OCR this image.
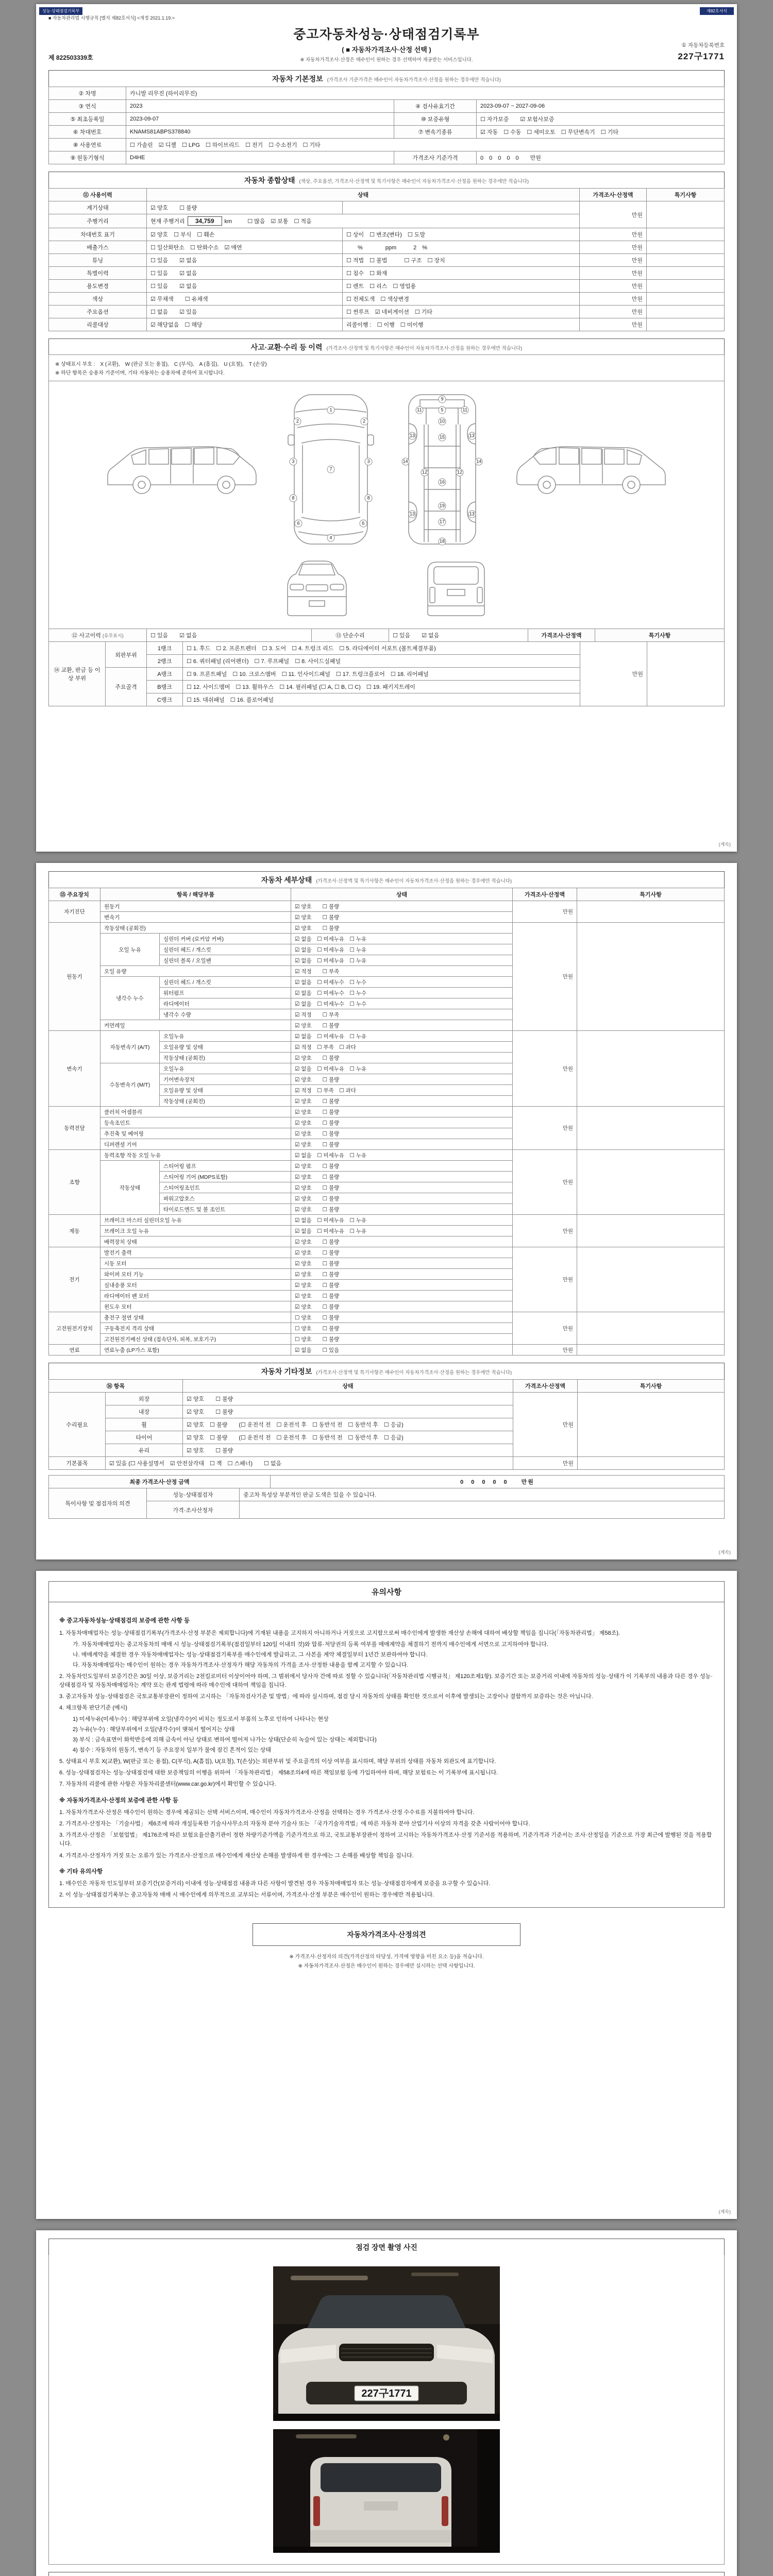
성능·상태점검기록부	제82호서식
■ 자동차관리법 시행규칙 [별지 제82호서식] <개정 2021.1.19.>
제 822503339호
중고자동차성능·상태점검기록부
( ■ 자동차가격조사·산정 선택 )
※ 자동차가격조사·산정은 매수인이 원하는 경우 선택하여 제공받는 서비스입니다.
① 자동차등록번호
227구1771
자동차 기본정보 (가격조사 기준가격은 매수인이 자동차가격조사·산정을 원하는 경우에만 적습니다)
② 차명	카니발 리무진 (하이리무진)		
③ 연식	2023	④ 검사유효기간	2023-09-07 ~ 2027-09-06
⑤ 최초등록일	2023-09-07	⑩ 보증유형	☐ 자가보증　　☑ 보험사보증
⑥ 차대번호	KNAMS81ABPS378840	⑦ 변속기종류	☑ 자동　☐ 수동　☐ 세미오토　☐ 무단변속기　☐ 기타
⑧ 사용연료	☐ 가솔린　☑ 디젤　☐ LPG　☐ 하이브리드　☐ 전기　☐ 수소전기　☐ 기타		
⑨ 원동기형식	D4HE	가격조사 기준가격	0　0　0　0　0　　만원
자동차 종합상태 (색상, 주요옵션, 가격조사·산정액 및 특기사항은 매수인이 자동차가격조사·산정을 원하는 경우에만 적습니다)
⑪ 사용이력	상태		가격조사·산정액	특기사항
계기상태	☑ 양호　　☐ 불량		만원	
주행거리	현재 주행거리 34,759 km ☐ 많음　☑ 보통　☐ 적음			
차대번호 표기	☑ 양호　☐ 부식　☐ 훼손	☐ 상이　☐ 변조(변타)　☐ 도말	만원	
배출가스	☐ 일산화탄소　☐ 탄화수소　☑ 매연	　　%　　　　ppm　　　2　%	만원	
튜닝	☐ 있음　　☑ 없음	☐ 적법　☐ 불법　　　☐ 구조　☐ 장치	만원	
특별이력	☐ 있음　　☑ 없음	☐ 침수　☐ 화재	만원	
용도변경	☐ 있음　　☑ 없음	☐ 렌트　☐ 리스　☐ 영업용	만원	
색상	☑ 무채색　　☐ 유채색	☐ 전체도색　☐ 색상변경	만원	
주요옵션	☐ 없음　　☑ 있음	☐ 썬루프　☑ 네비게이션　☐ 기타	만원	
리콜대상	☑ 해당없음　☐ 해당	리콜이행 :　☐ 이행　☐ 미이행	만원	
사고·교환·수리 등 이력 (가격조사·산정액 및 특기사항은 매수인이 자동차가격조사·산정을 원하는 경우에만 적습니다)
※ 상태표시 부호 :　X (교환),　W (판금 또는 용접),　C (부식),　A (흠집),　U (요철),　T (손상)
※ 하단 항목은 승용차 기준이며, 기타 자동차는 승용차에 준하여 표시합니다.
1
2	2
3	3
7
8	8
6	6
4
9
5
10
11	11
13	13
15
14	14
12	12
16
13	13
19
17
18
⑫ 사고이력 (유무표시)	☐ 있음　　☑ 없음	⑬ 단순수리	☐ 있음　　☑ 없음	가격조사·산정액	특기사항
⑭ 교환, 판금 등 이상 부위	외판부위	1랭크	☐ 1. 후드　☐ 2. 프론트펜더　☐ 3. 도어　☐ 4. 트렁크 리드　☐ 5. 라디에이터 서포트 (볼트체결부품)	만원	
		2랭크	☐ 6. 쿼터패널 (리어펜더)　☐ 7. 루프패널　☐ 8. 사이드실패널		
	주요골격	A랭크	☐ 9. 프론트패널　☐ 10. 크로스멤버　☐ 11. 인사이드패널　☐ 17. 트렁크플로어　☐ 18. 리어패널		
		B랭크	☐ 12. 사이드멤버　☐ 13. 휠하우스　☐ 14. 필러패널 (☐ A, ☐ B, ☐ C)　☐ 19. 패키지트레이		
		C랭크	☐ 15. 대쉬패널　☐ 16. 플로어패널		
(계속)
자동차 세부상태 (가격조사·산정액 및 특기사항은 매수인이 자동차가격조사·산정을 원하는 경우에만 적습니다)
⑮ 주요장치	항목 / 해당부품		상태	가격조사·산정액	특기사항
자기진단	원동기		☑ 양호　　☐ 불량	만원	
	변속기		☑ 양호　　☐ 불량		
원동기	작동상태 (공회전)		☑ 양호　　☐ 불량	만원	
	오일 누유	실린더 커버 (로커암 커버)	☑ 없음　☐ 미세누유　☐ 누유		
		실린더 헤드 / 개스킷	☑ 없음　☐ 미세누유　☐ 누유		
		실린더 블록 / 오일팬	☑ 없음　☐ 미세누유　☐ 누유		
	오일 유량		☑ 적정　　☐ 부족		
	냉각수 누수	실린더 헤드 / 개스킷	☑ 없음　☐ 미세누수　☐ 누수		
		워터펌프	☑ 없음　☐ 미세누수　☐ 누수		
		라디에이터	☑ 없음　☐ 미세누수　☐ 누수		
		냉각수 수량	☑ 적정　　☐ 부족		
	커먼레일		☑ 양호　　☐ 불량		
변속기	자동변속기 (A/T)	오일누유	☑ 없음　☐ 미세누유　☐ 누유	만원	
		오일유량 및 상태	☑ 적정　☐ 부족　☐ 과다		
		작동상태 (공회전)	☑ 양호　　☐ 불량		
	수동변속기 (M/T)	오일누유	☑ 없음　☐ 미세누유　☐ 누유		
		기어변속장치	☑ 양호　　☐ 불량		
		오일유량 및 상태	☑ 적정　☐ 부족　☐ 과다		
		작동상태 (공회전)	☑ 양호　　☐ 불량		
동력전달	클러치 어셈블리		☑ 양호　　☐ 불량	만원	
	등속조인트		☑ 양호　　☐ 불량		
	추진축 및 베어링		☑ 양호　　☐ 불량		
	디퍼렌셜 기어		☑ 양호　　☐ 불량		
조향	동력조향 작동 오일 누유		☑ 없음　☐ 미세누유　☐ 누유	만원	
	작동상태	스티어링 펌프	☑ 양호　　☐ 불량		
		스티어링 기어 (MDPS포함)	☑ 양호　　☐ 불량		
		스티어링조인트	☑ 양호　　☐ 불량		
		파워고압호스	☑ 양호　　☐ 불량		
		타이로드엔드 및 볼 조인트	☑ 양호　　☐ 불량		
제동	브레이크 마스터 실린더오일 누유		☑ 없음　☐ 미세누유　☐ 누유	만원	
	브레이크 오일 누유		☑ 없음　☐ 미세누유　☐ 누유		
	배력장치 상태		☑ 양호　　☐ 불량		
전기	발전기 출력		☑ 양호　　☐ 불량	만원	
	시동 모터		☑ 양호　　☐ 불량		
	와이퍼 모터 기능		☑ 양호　　☐ 불량		
	실내송풍 모터		☑ 양호　　☐ 불량		
	라디에이터 팬 모터		☑ 양호　　☐ 불량		
	윈도우 모터		☑ 양호　　☐ 불량		
고전원전기장치	충전구 절연 상태		☐ 양호　　☐ 불량	만원	
	구동축전지 격리 상태		☐ 양호　　☐ 불량		
	고전원전기배선 상태 (접속단자, 피복, 보호기구)		☐ 양호　　☐ 불량		
연료	연료누출 (LP가스 포함)		☑ 없음　　☐ 있음	만원	
자동차 기타정보 (가격조사·산정액 및 특기사항은 매수인이 자동차가격조사·산정을 원하는 경우에만 적습니다)
⑯ 항목		상태	가격조사·산정액	특기사항
수리필요	외장	☑ 양호　　☐ 불량	만원	
	내장	☑ 양호　　☐ 불량		
	휠	☑ 양호　☐ 불량　　(☐ 운전석 전　☐ 운전석 후　☐ 동반석 전　☐ 동반석 후　☐ 응급)		
	타이어	☑ 양호　☐ 불량　　(☐ 운전석 전　☐ 운전석 후　☐ 동반석 전　☐ 동반석 후　☐ 응급)		
	유리	☑ 양호　　☐ 불량		
기본품목	☑ 있음 (☐ 사용설명서　☑ 안전삼각대　☐ 잭　☐ 스패너)　　☐ 없음		만원	
최종 가격조사·산정 금액	0　0　0　0　0　　만원
특이사항 및 점검자의 의견	성능·상태점검자	중고차 특성상 부분적인 판금 도색은 있을 수 있습니다.
	가격·조사산정자	
(계속)
유의사항
※ 중고자동차성능·상태점검의 보증에 관한 사항 등
1. 자동차매매업자는 성능·상태점검기록부(가격조사·산정 부분은 제외합니다)에 기재된 내용을 고지하지 아니하거나 거짓으로 고지함으로써 매수인에게 발생한 재산상 손해에 대하여 배상할 책임을 집니다(「자동차관리법」 제58조).
가. 자동차매매업자는 중고자동차의 매매 시 성능·상태점검기록부(점검일부터 120일 이내의 것)와 압류·저당권의 등록 여부를 매매계약을 체결하기 전까지 매수인에게 서면으로 고지하여야 합니다.
나. 매매계약을 체결한 경우 자동차매매업자는 성능·상태점검기록부를 매수인에게 발급하고, 그 사본을 계약 체결일부터 1년간 보관하여야 합니다.
다. 자동차매매업자는 매수인이 원하는 경우 자동차가격조사·산정자가 해당 자동차의 가격을 조사·산정한 내용을 함께 고지할 수 있습니다.
2. 자동차인도일부터 보증기간은 30일 이상, 보증거리는 2천킬로미터 이상이어야 하며, 그 범위에서 당사자 간에 따로 정할 수 있습니다(「자동차관리법 시행규칙」 제120조제1항). 보증기간 또는 보증거리 이내에 자동차의 성능·상태가 이 기록부의 내용과 다른 경우 성능·상태점검자 및 자동차매매업자는 계약 또는 관계 법령에 따라 매수인에 대하여 책임을 집니다.
3. 중고자동차 성능·상태점검은 국토교통부장관이 정하여 고시하는 「자동차검사기준 및 방법」에 따라 실시하며, 점검 당시 자동차의 상태를 확인한 것으로서 이후에 발생되는 고장이나 결함까지 보증하는 것은 아닙니다.
4. 체크항목 판단기준 (예시)
1) 미세누유(미세누수) : 해당부위에 오일(냉각수)이 비치는 정도로서 부품의 노후로 인하여 나타나는 현상
2) 누유(누수) : 해당부위에서 오일(냉각수)이 맺혀서 떨어지는 상태
3) 부식 : 금속표면이 화학반응에 의해 금속이 아닌 상태로 변하여 떨어져 나가는 상태(단순히 녹슬어 있는 상태는 제외합니다)
4) 침수 : 자동차의 원동기, 변속기 등 주요장치 일부가 물에 잠긴 흔적이 있는 상태
5. 상태표시 부호 X(교환), W(판금 또는 용접), C(부식), A(흠집), U(요철), T(손상)는 외판부위 및 주요골격의 이상 여부를 표시하며, 해당 부위의 상태를 자동차 외관도에 표기합니다.
6. 성능·상태점검자는 성능·상태점검에 대한 보증책임의 이행을 위하여 「자동차관리법」 제58조의4에 따른 책임보험 등에 가입하여야 하며, 해당 보험료는 이 기록부에 표시됩니다.
7. 자동차의 리콜에 관한 사항은 자동차리콜센터(www.car.go.kr)에서 확인할 수 있습니다.
※ 자동차가격조사·산정의 보증에 관한 사항 등
1. 자동차가격조사·산정은 매수인이 원하는 경우에 제공되는 선택 서비스이며, 매수인이 자동차가격조사·산정을 선택하는 경우 가격조사·산정 수수료를 지불하여야 합니다.
2. 가격조사·산정자는 「기술사법」 제6조에 따라 개설등록한 기술사사무소의 자동차 분야 기술사 또는 「국가기술자격법」에 따른 자동차 분야 산업기사 이상의 자격을 갖춘 사람이어야 합니다.
3. 가격조사·산정은 「보험업법」 제176조에 따른 보험요율산출기관이 정한 차량기준가액을 기준가격으로 하고, 국토교통부장관이 정하여 고시하는 자동차가격조사·산정 기준서를 적용하며, 기준가격과 기준서는 조사·산정일을 기준으로 가장 최근에 발행된 것을 적용합니다.
4. 가격조사·산정자가 거짓 또는 오류가 있는 가격조사·산정으로 매수인에게 재산상 손해를 발생하게 한 경우에는 그 손해를 배상할 책임을 집니다.
※ 기타 유의사항
1. 매수인은 자동차 인도일부터 보증기간(보증거리) 이내에 성능·상태점검 내용과 다른 사항이 발견된 경우 자동차매매업자 또는 성능·상태점검자에게 보증을 요구할 수 있습니다.
2. 이 성능·상태점검기록부는 중고자동차 매매 시 매수인에게 의무적으로 교부되는 서류이며, 가격조사·산정 부분은 매수인이 원하는 경우에만 적용됩니다.
자동차가격조사·산정의견
※ 가격조사·산정자의 의견(가격산정의 타당성, 가격에 영향을 미친 요소 등)을 적습니다.
※ 자동차가격조사·산정은 매수인이 원하는 경우에만 실시하는 선택 사항입니다.
(계속)
점검 장면 촬영 사진
227구1771
